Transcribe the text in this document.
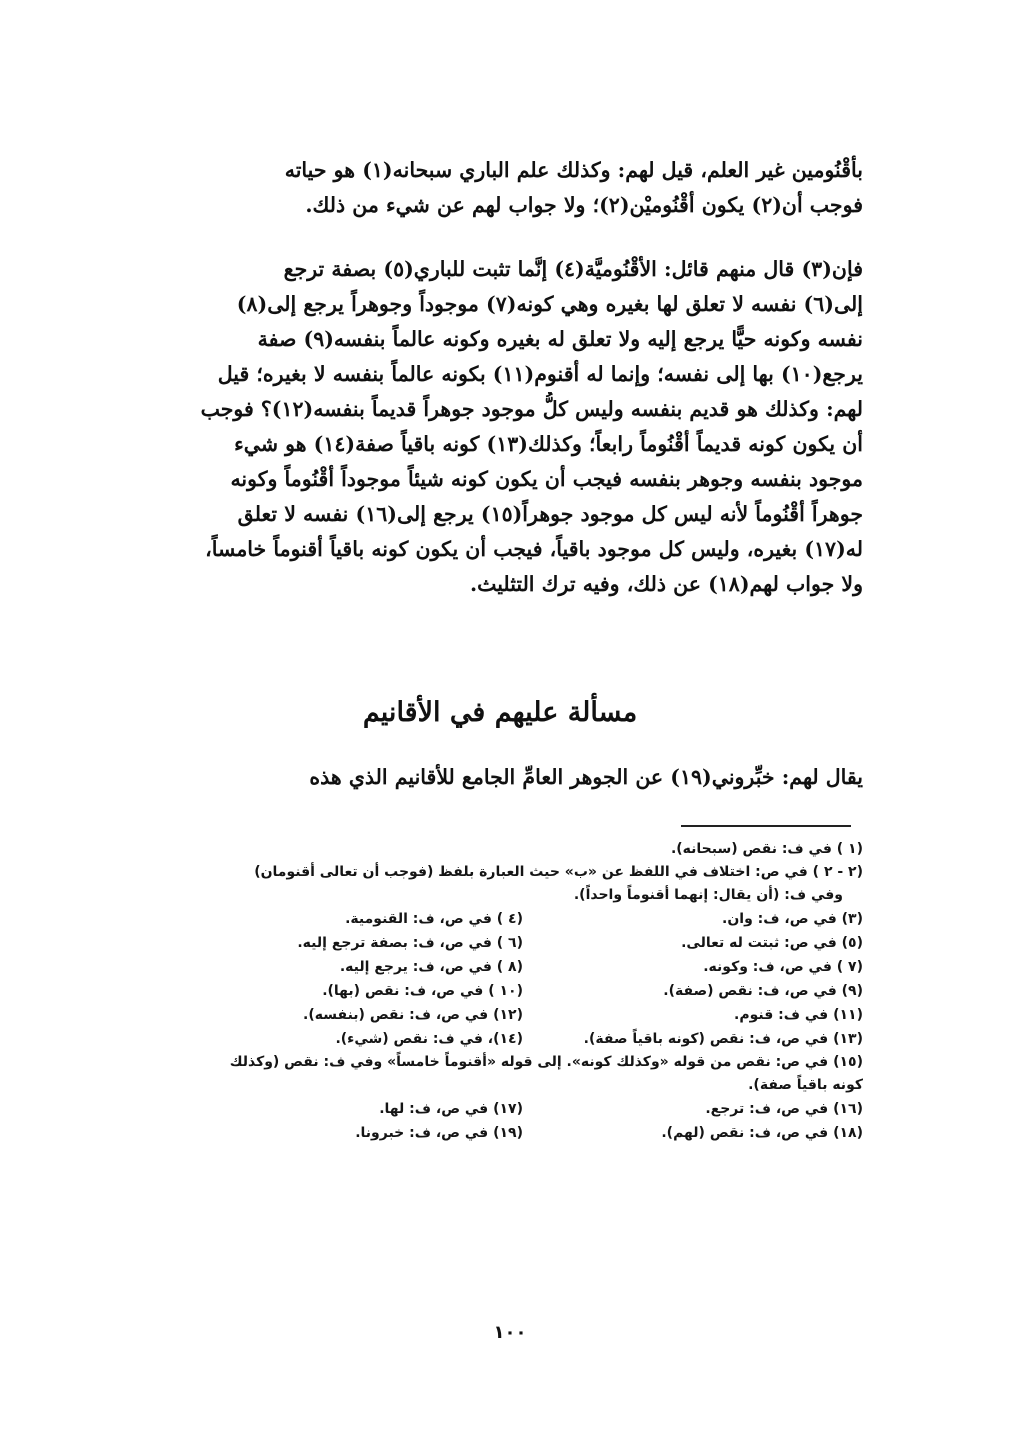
بأقْنُومين غير العلم، قيل لهم: وكذلك علم الباري سبحانه(١) هو حياته
فوجب أن(٢) يكون أقْنُوميْن(٢)؛ ولا جواب لهم عن شيء من ذلك.
فإن(٣) قال منهم قائل: الأقْنُوميَّة(٤) إنَّما تثبت للباري(٥) بصفة ترجع
إلى(٦) نفسه لا تعلق لها بغيره وهي كونه(٧) موجوداً وجوهراً يرجع إلى(٨)
نفسه وكونه حيًّا يرجع إليه ولا تعلق له بغيره وكونه عالماً بنفسه(٩) صفة
يرجع(١٠) بها إلى نفسه؛ وإنما له أقنوم(١١) بكونه عالماً بنفسه لا بغيره؛ قيل
لهم: وكذلك هو قديم بنفسه وليس كلُّ موجود جوهراً قديماً بنفسه(١٢)؟ فوجب
أن يكون كونه قديماً أقْنُوماً رابعاً؛ وكذلك(١٣) كونه باقياً صفة(١٤) هو شيء
موجود بنفسه وجوهر بنفسه فيجب أن يكون كونه شيئاً موجوداً أقْنُوماً وكونه
جوهراً أقْنُوماً لأنه ليس كل موجود جوهراً(١٥) يرجع إلى(١٦) نفسه لا تعلق
له(١٧) بغيره، وليس كل موجود باقياً، فيجب أن يكون كونه باقياً أقنوماً خامساً،
ولا جواب لهم(١٨) عن ذلك، وفيه ترك التثليث.
مسألة عليهم في الأقانيم
يقال لهم: خبِّروني(١٩) عن الجوهر العامِّ الجامع للأقانيم الذي هذه
(١ ) في ف: نقص (سبحانه).
(٢ - ٢ ) في ص: اختلاف في اللفظ عن «ب» حيث العبارة بلفظ (فوجب أن تعالى أقنومان)
وفي ف: (أن يقال: إنهما أقنوماً واحداً).
(٣) في ص، ف: وان.
(٤ ) في ص، ف: القنومية.
(٥) في ص: ثبتت له تعالى.
(٦ ) في ص، ف: بصفة ترجع إليه.
(٧ ) في ص، ف: وكونه.
(٨ ) في ص، ف: يرجع إليه.
(٩) في ص، ف: نقص (صفة).
(١٠ ) في ص، ف: نقص (بها).
(١١) في ف: قنوم.
(١٢) في ص، ف: نقص (بنفسه).
(١٣) في ص، ف: نقص (كونه باقياً صفة).
(١٤)، في ف: نقص (شيء).
(١٥) في ص: نقص من قوله «وكذلك كونه». إلى قوله «أقنوماً خامساً» وفي ف: نقص (وكذلك
كونه باقياً صفة).
(١٦) في ص، ف: ترجع.
(١٧) في ص، ف: لها.
(١٨) في ص، ف: نقص (لهم).
(١٩) في ص، ف: خبرونا.
١٠٠
